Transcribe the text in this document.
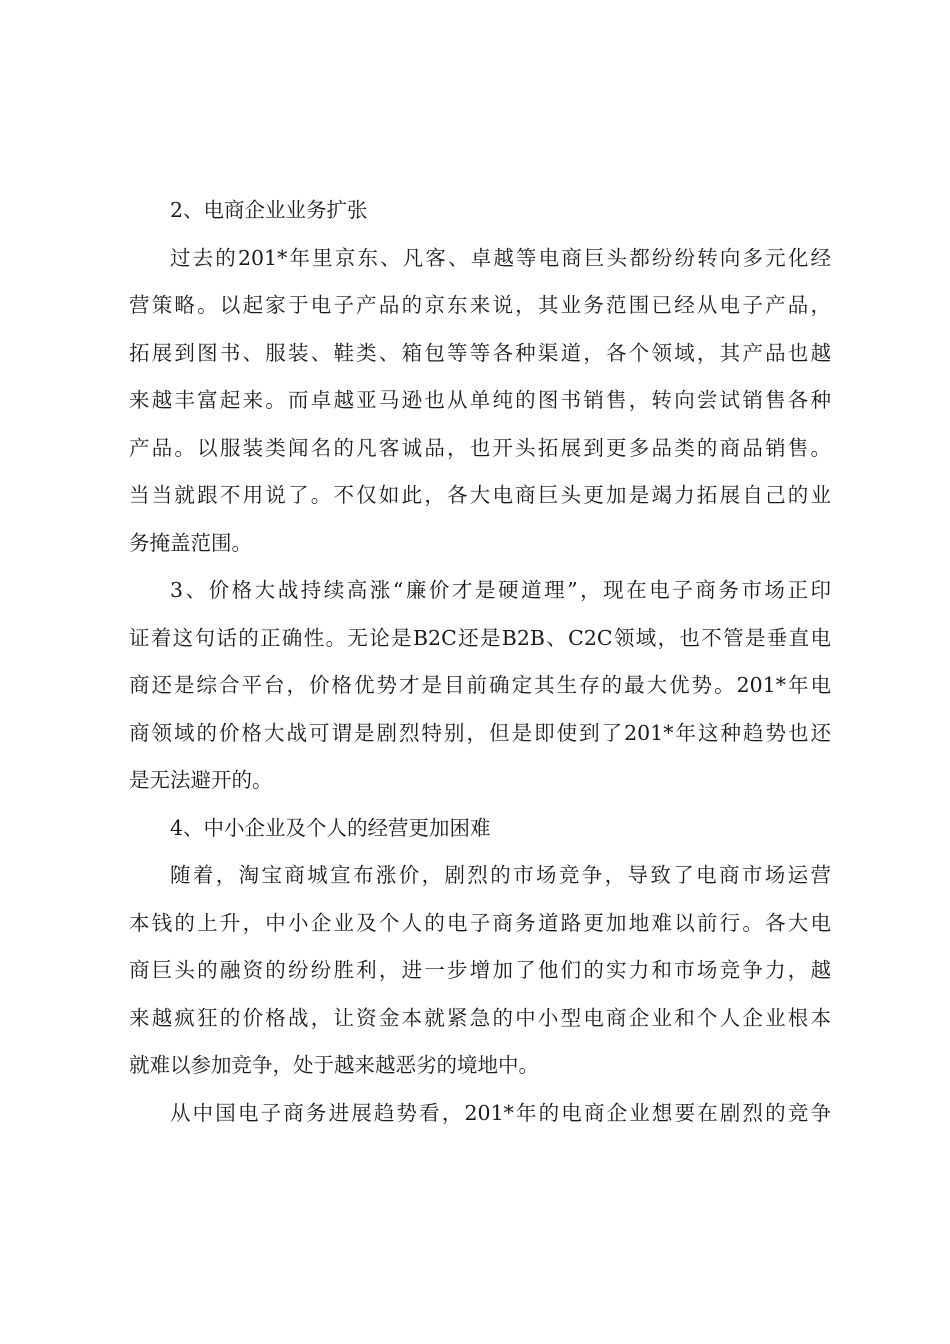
2、电商企业业务扩张
过去的201*年里京东、凡客、卓越等电商巨头都纷纷转向多元化经
营策略。以起家于电子产品的京东来说，其业务范围已经从电子产品，
拓展到图书、服装、鞋类、箱包等等各种渠道，各个领域，其产品也越
来越丰富起来。而卓越亚马逊也从单纯的图书销售，转向尝试销售各种
产品。以服装类闻名的凡客诚品，也开头拓展到更多品类的商品销售。
当当就跟不用说了。不仅如此，各大电商巨头更加是竭力拓展自己的业
务掩盖范围。
3、价格大战持续高涨“廉价才是硬道理”，现在电子商务市场正印
证着这句话的正确性。无论是B2C还是B2B、C2C领域，也不管是垂直电
商还是综合平台，价格优势才是目前确定其生存的最大优势。201*年电
商领域的价格大战可谓是剧烈特别，但是即使到了201*年这种趋势也还
是无法避开的。
4、中小企业及个人的经营更加困难
随着，淘宝商城宣布涨价，剧烈的市场竞争，导致了电商市场运营
本钱的上升，中小企业及个人的电子商务道路更加地难以前行。各大电
商巨头的融资的纷纷胜利，进一步增加了他们的实力和市场竞争力，越
来越疯狂的价格战，让资金本就紧急的中小型电商企业和个人企业根本
就难以参加竞争，处于越来越恶劣的境地中。
从中国电子商务进展趋势看，201*年的电商企业想要在剧烈的竞争
